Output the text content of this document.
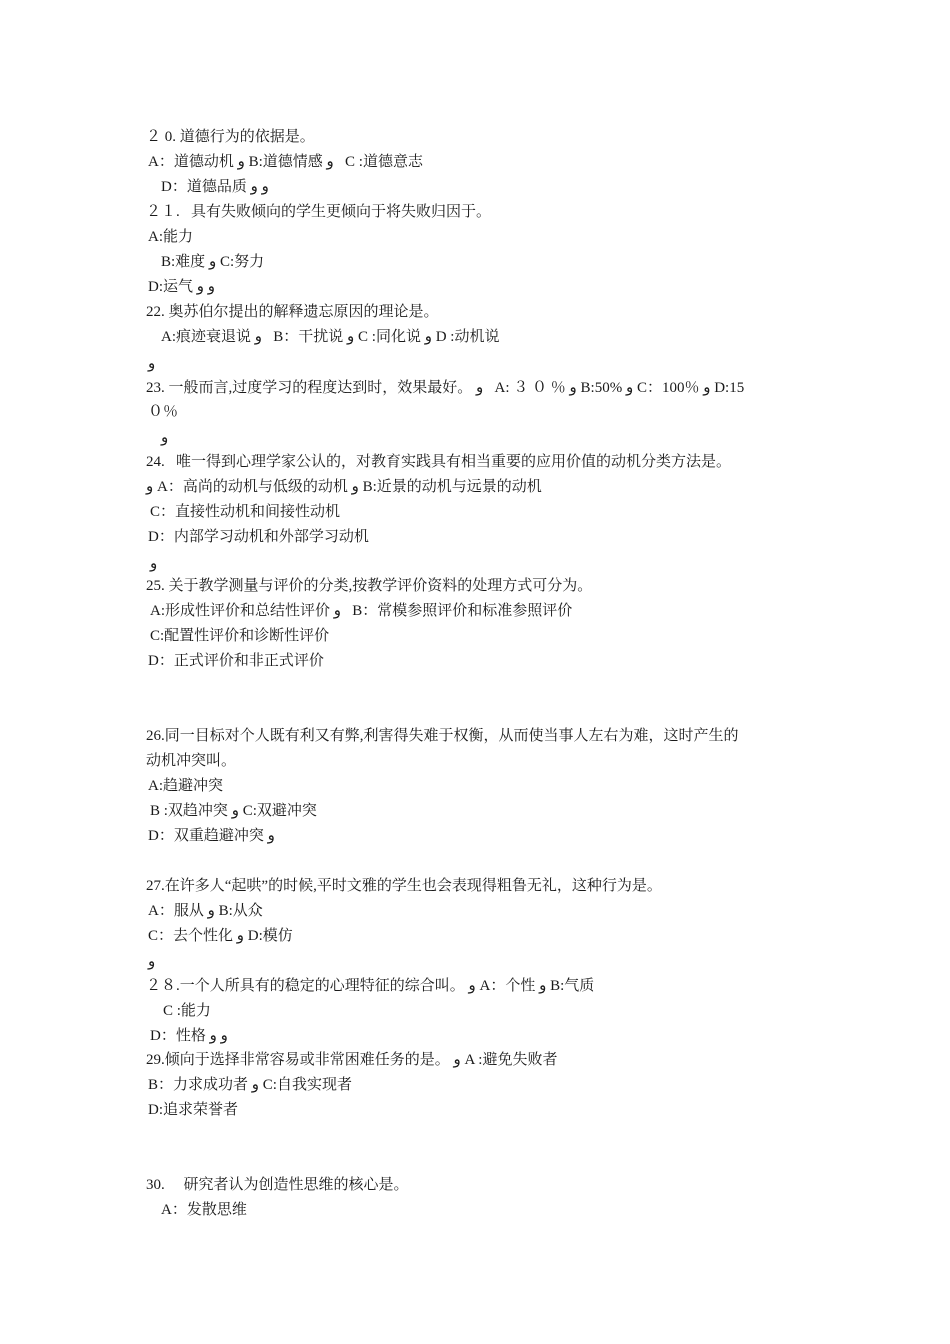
２ 0. 道德行为的依据是。
A：道德动机 و B:道德情感 و   C :道德意志
D：道德品质 و و
２１.   具有失败倾向的学生更倾向于将失败归因于。
A:能力
B:难度 و C:努力
D:运气 و و
22. 奥苏伯尔提出的解释遗忘原因的理论是。
A:痕迹衰退说 و   B：干扰说 و C :同化说 و D :动机说
و
23. 一般而言,过度学习的程度达到时，效果最好。 و   A: ３ ０ ％ و B:50% و C：100％ و D:15
０％
و
24.   唯一得到心理学家公认的，对教育实践具有相当重要的应用价值的动机分类方法是。
و A：高尚的动机与低级的动机 و B:近景的动机与远景的动机
C：直接性动机和间接性动机
D：内部学习动机和外部学习动机
و
25. 关于教学测量与评价的分类,按教学评价资料的处理方式可分为。
A:形成性评价和总结性评价 و   B：常模参照评价和标准参照评价
C:配置性评价和诊断性评价
D：正式评价和非正式评价
26.同一目标对个人既有利又有弊,利害得失难于权衡，从而使当事人左右为难，这时产生的
动机冲突叫。
A:趋避冲突
B :双趋冲突 و C:双避冲突
D：双重趋避冲突 و
27.在许多人“起哄”的时候,平时文雅的学生也会表现得粗鲁无礼，这种行为是。
A：服从 و B:从众
C：去个性化 و D:模仿
و
２８.一个人所具有的稳定的心理特征的综合叫。 و A：个性 و B:气质
C :能力
D：性格 و و
29.倾向于选择非常容易或非常困难任务的是。 و A :避免失败者
B：力求成功者 و C:自我实现者
D:追求荣誉者
30.     研究者认为创造性思维的核心是。
A：发散思维
